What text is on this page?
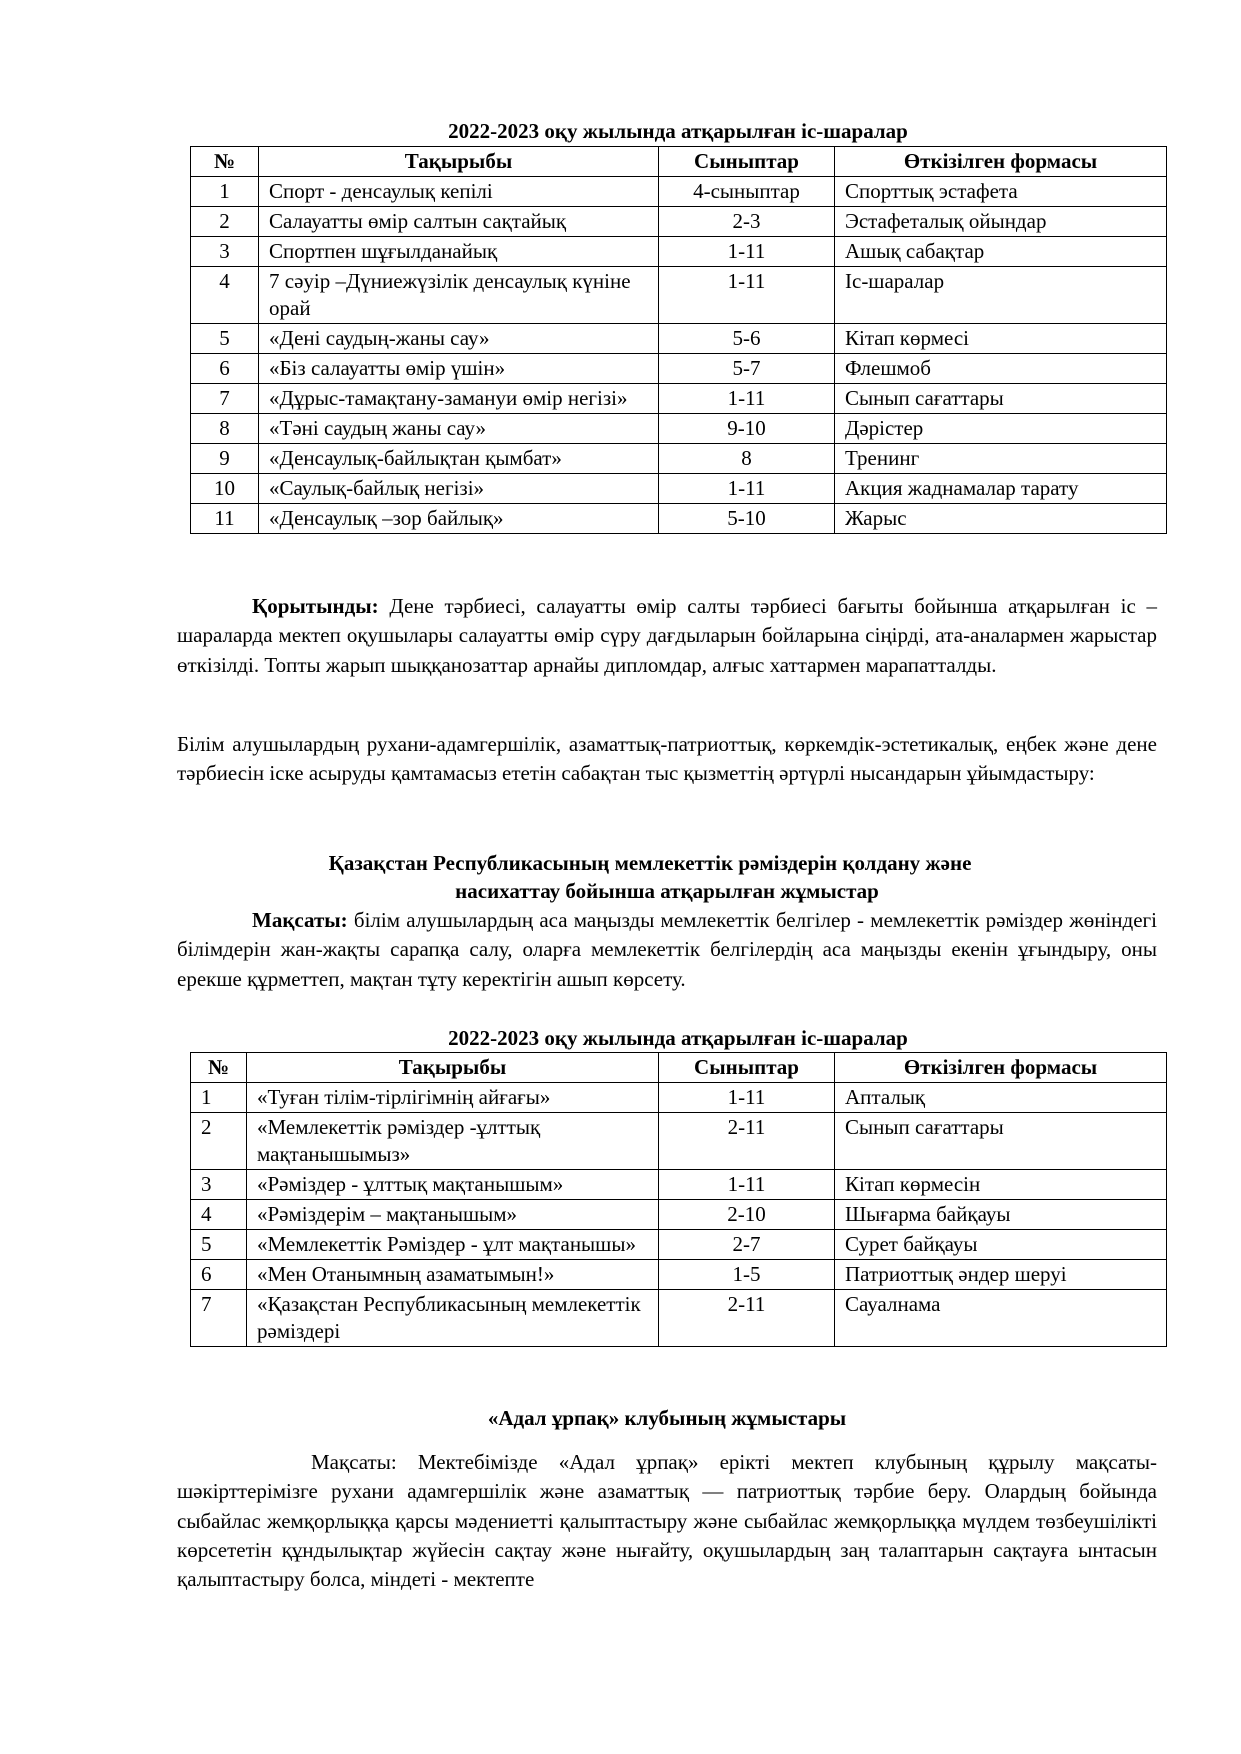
2022-2023 оқу жылында атқарылған іс-шаралар
№	Тақырыбы	Сыныптар	Өткізілген формасы
1	Спорт - денсаулық кепілі	4-сыныптар	Спорттық эстафета
2	Салауатты өмір салтын сақтайық	2-3	Эстафеталық ойындар
3	Спортпен шұғылданайық	1-11	Ашық сабақтар
4	7 сәуір –Дүниежүзілік денсаулық күніне орай	1-11	Іс-шаралар
5	«Дені саудың-жаны сау»	5-6	Кітап көрмесі
6	«Біз салауатты өмір үшін»	5-7	Флешмоб
7	«Дұрыс-тамақтану-замануи өмір негізі»	1-11	Сынып сағаттары
8	«Тәні саудың жаны сау»	9-10	Дәрістер
9	«Денсаулық-байлықтан қымбат»	8	Тренинг
10	«Саулық-байлық негізі»	1-11	Акция жаднамалар тарату
11	«Денсаулық –зор байлық»	5-10	Жарыс
Қорытынды: Дене тәрбиесі, салауатты өмір салты тәрбиесі бағыты бойынша атқарылған іс –шараларда мектеп оқушылары салауатты өмір сүру дағдыларын бойларына сіңірді, ата-аналармен жарыстар өткізілді. Топты жарып шыққанозаттар арнайы дипломдар, алғыс хаттармен марапатталды.
Білім алушылардың рухани-адамгершілік, азаматтық-патриоттық, көркемдік-эстетикалық, еңбек және дене тәрбиесін іске асыруды қамтамасыз ететін сабақтан тыс қызметтің әртүрлі нысандарын ұйымдастыру:
Қазақстан Республикасының мемлекеттік рәміздерін қолдану және
насихаттау бойынша атқарылған жұмыстар
Мақсаты: білім алушылардың аса маңызды мемлекеттік белгілер - мемлекеттік рәміздер жөніндегі білімдерін жан-жақты сарапқа салу, оларға мемлекеттік белгілердің аса маңызды екенін ұғындыру, оны ерекше құрметтеп, мақтан тұту керектігін ашып көрсету.
2022-2023 оқу жылында атқарылған іс-шаралар
№	Тақырыбы	Сыныптар	Өткізілген формасы
1	«Туған тілім-тірлігімнің айғағы»	1-11	Апталық
2	«Мемлекеттік рәміздер -ұлттық мақтанышымыз»	2-11	Сынып сағаттары
3	«Рәміздер - ұлттық мақтанышым»	1-11	Кітап көрмесін
4	«Рәміздерім – мақтанышым»	2-10	Шығарма байқауы
5	«Мемлекеттік Рәміздер - ұлт мақтанышы»	2-7	Сурет байқауы
6	«Мен Отанымның азаматымын!»	1-5	Патриоттық әндер шеруі
7	«Қазақстан Республикасының мемлекеттік рәміздері	2-11	Сауалнама
«Адал ұрпақ» клубының жұмыстары
Мақсаты: Мектебімізде «Адал ұрпақ» ерікті мектеп клубының құрылу мақсаты-шәкірттерімізге рухани адамгершілік және азаматтық — патриоттық тәрбие беру. Олардың бойында сыбайлас жемқорлыққа қарсы мәдениетті қалыптастыру және сыбайлас жемқорлыққа мүлдем төзбеушілікті көрсететін құндылықтар жүйесін сақтау және нығайту, оқушылардың заң талаптарын сақтауға ынтасын қалыптастыру болса, міндеті - мектепте
